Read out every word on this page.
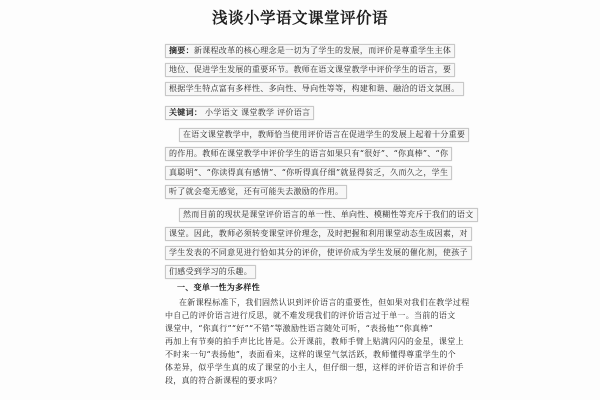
浅谈小学语文课堂评价语
摘要：新课程改革的核心理念是一切为了学生的发展，而评价是尊重学生主体
地位、促进学生发展的重要环节。教师在语文课堂教学中评价学生的语言，要
根据学生特点富有多样性、多向性、导向性等等，构建和谐、融洽的语文氛围。
关键词： 小学语文 课堂教学 评价语言
在语文课堂教学中，教师恰当使用评价语言在促进学生的发展上起着十分重要
的作用。教师在课堂教学中评价学生的语言如果只有“很好”、“你真棒”、“你
真聪明”、“你读得真有感情”、“你听得真仔细”就显得贫乏，久而久之，学生
听了就会毫无感觉，还有可能失去激励的作用。
然而目前的现状是课堂评价语言的单一性、单向性、模糊性等充斥于我们的语文
课堂。因此，教师必须转变课堂评价理念，及时把握和利用课堂动态生成因素，对
学生发表的不同意见进行恰如其分的评价，使评价成为学生发展的催化剂，使孩子
们感受到学习的乐趣。
一、变单一性为多样性
在新课程标准下，我们固然认识到评价语言的重要性，但如果对我们在教学过程
中自己的评价语言进行反思，就不难发现我们的评价语言过于单一。当前的语文
课堂中，“你真行”“好”“不错”等激励性语言随处可听，“表扬他”“你真棒”
再加上有节奏的拍手声比比皆是。公开课前，教师手臂上贴满闪闪的金星，课堂上
不时来一句“表扬他”，表面看来，这样的课堂气氛活跃，教师懂得尊重学生的个
体差异，似乎学生真的成了课堂的小主人，但仔细一想，这样的评价语言和评价手
段，真的符合新课程的要求吗？
